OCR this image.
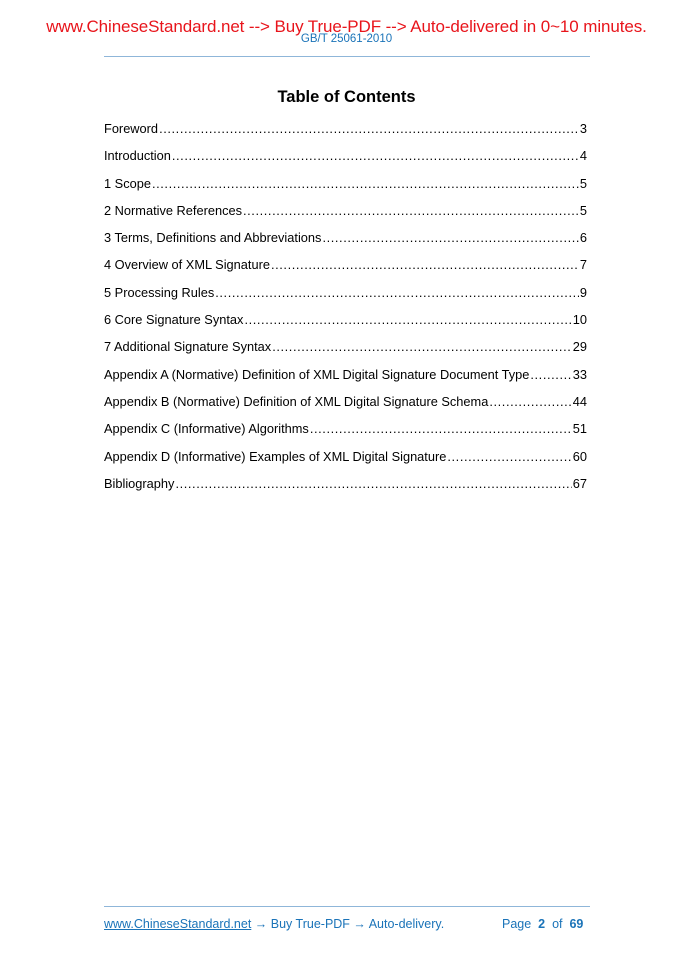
www.ChineseStandard.net --> Buy True-PDF --> Auto-delivered in 0~10 minutes.
GB/T 25061-2010
Table of Contents
Foreword .....	3
Introduction .....	4
1 Scope .....	5
2 Normative References .....	5
3 Terms, Definitions and Abbreviations .....	6
4 Overview of XML Signature .....	7
5 Processing Rules .....	9
6 Core Signature Syntax .....	10
7 Additional Signature Syntax .....	29
Appendix A (Normative) Definition of XML Digital Signature Document Type .....	33
Appendix B (Normative) Definition of XML Digital Signature Schema .....	44
Appendix C (Informative) Algorithms .....	51
Appendix D (Informative) Examples of XML Digital Signature .....	60
Bibliography .....	67
www.ChineseStandard.net → Buy True-PDF → Auto-delivery.	Page 2 of 69
